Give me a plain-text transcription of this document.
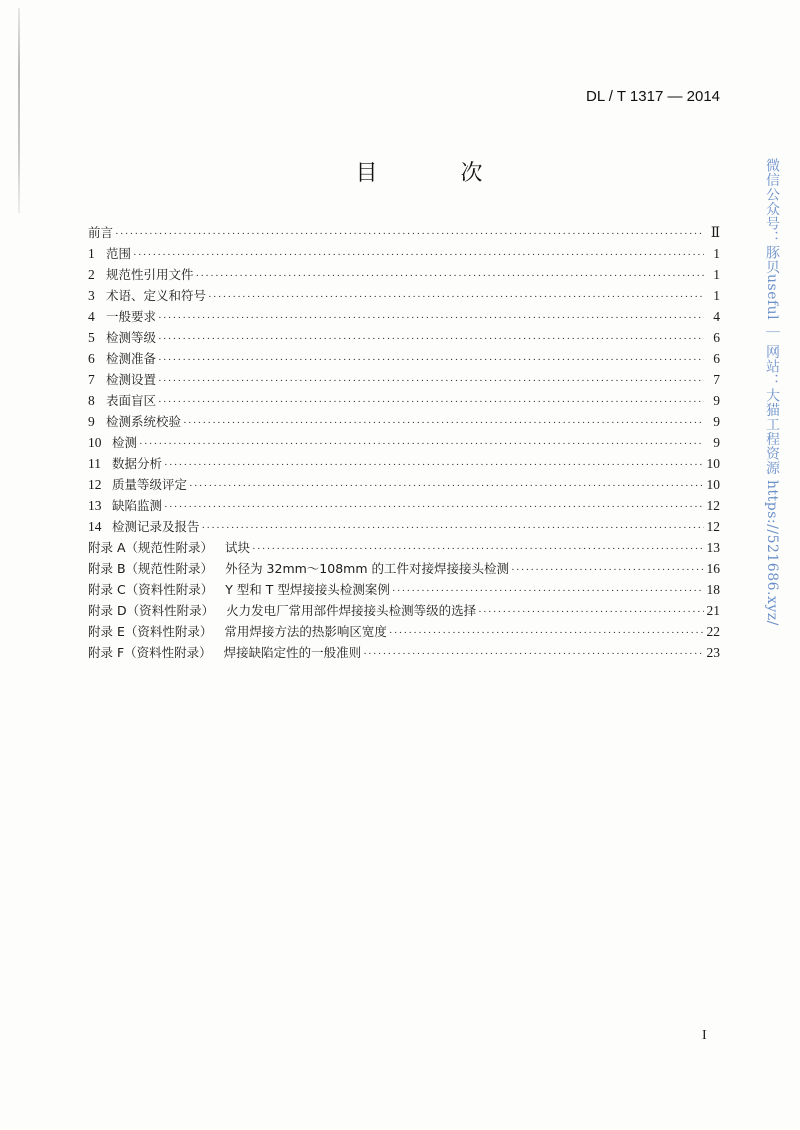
DL / T 1317 — 2014
目 次
前言 ·····	Ⅱ
1 范围 ·····	1
2 规范性引用文件 ·····	1
3 术语、定义和符号 ·····	1
4 一般要求 ·····	4
5 检测等级 ·····	6
6 检测准备 ·····	6
7 检测设置 ·····	7
8 表面盲区 ·····	9
9 检测系统校验 ·····	9
10 检测 ·····	9
11 数据分析 ·····	10
12 质量等级评定 ·····	10
13 缺陷监测 ·····	12
14 检测记录及报告 ·····	12
附录 A（规范性附录） 试块 ·····	13
附录 B（规范性附录） 外径为 32mm～108mm 的工件对接焊接接头检测 ·····	16
附录 C（资料性附录） Y 型和 T 型焊接接头检测案例 ·····	18
附录 D（资料性附录） 火力发电厂常用部件焊接接头检测等级的选择 ·····	21
附录 E（资料性附录） 常用焊接方法的热影响区宽度 ·····	22
附录 F（资料性附录） 焊接缺陷定性的一般准则 ·····	23
微信公众号：豚贝useful ｜ 网站：大猫工程资源 https://521686.xyz/
I
